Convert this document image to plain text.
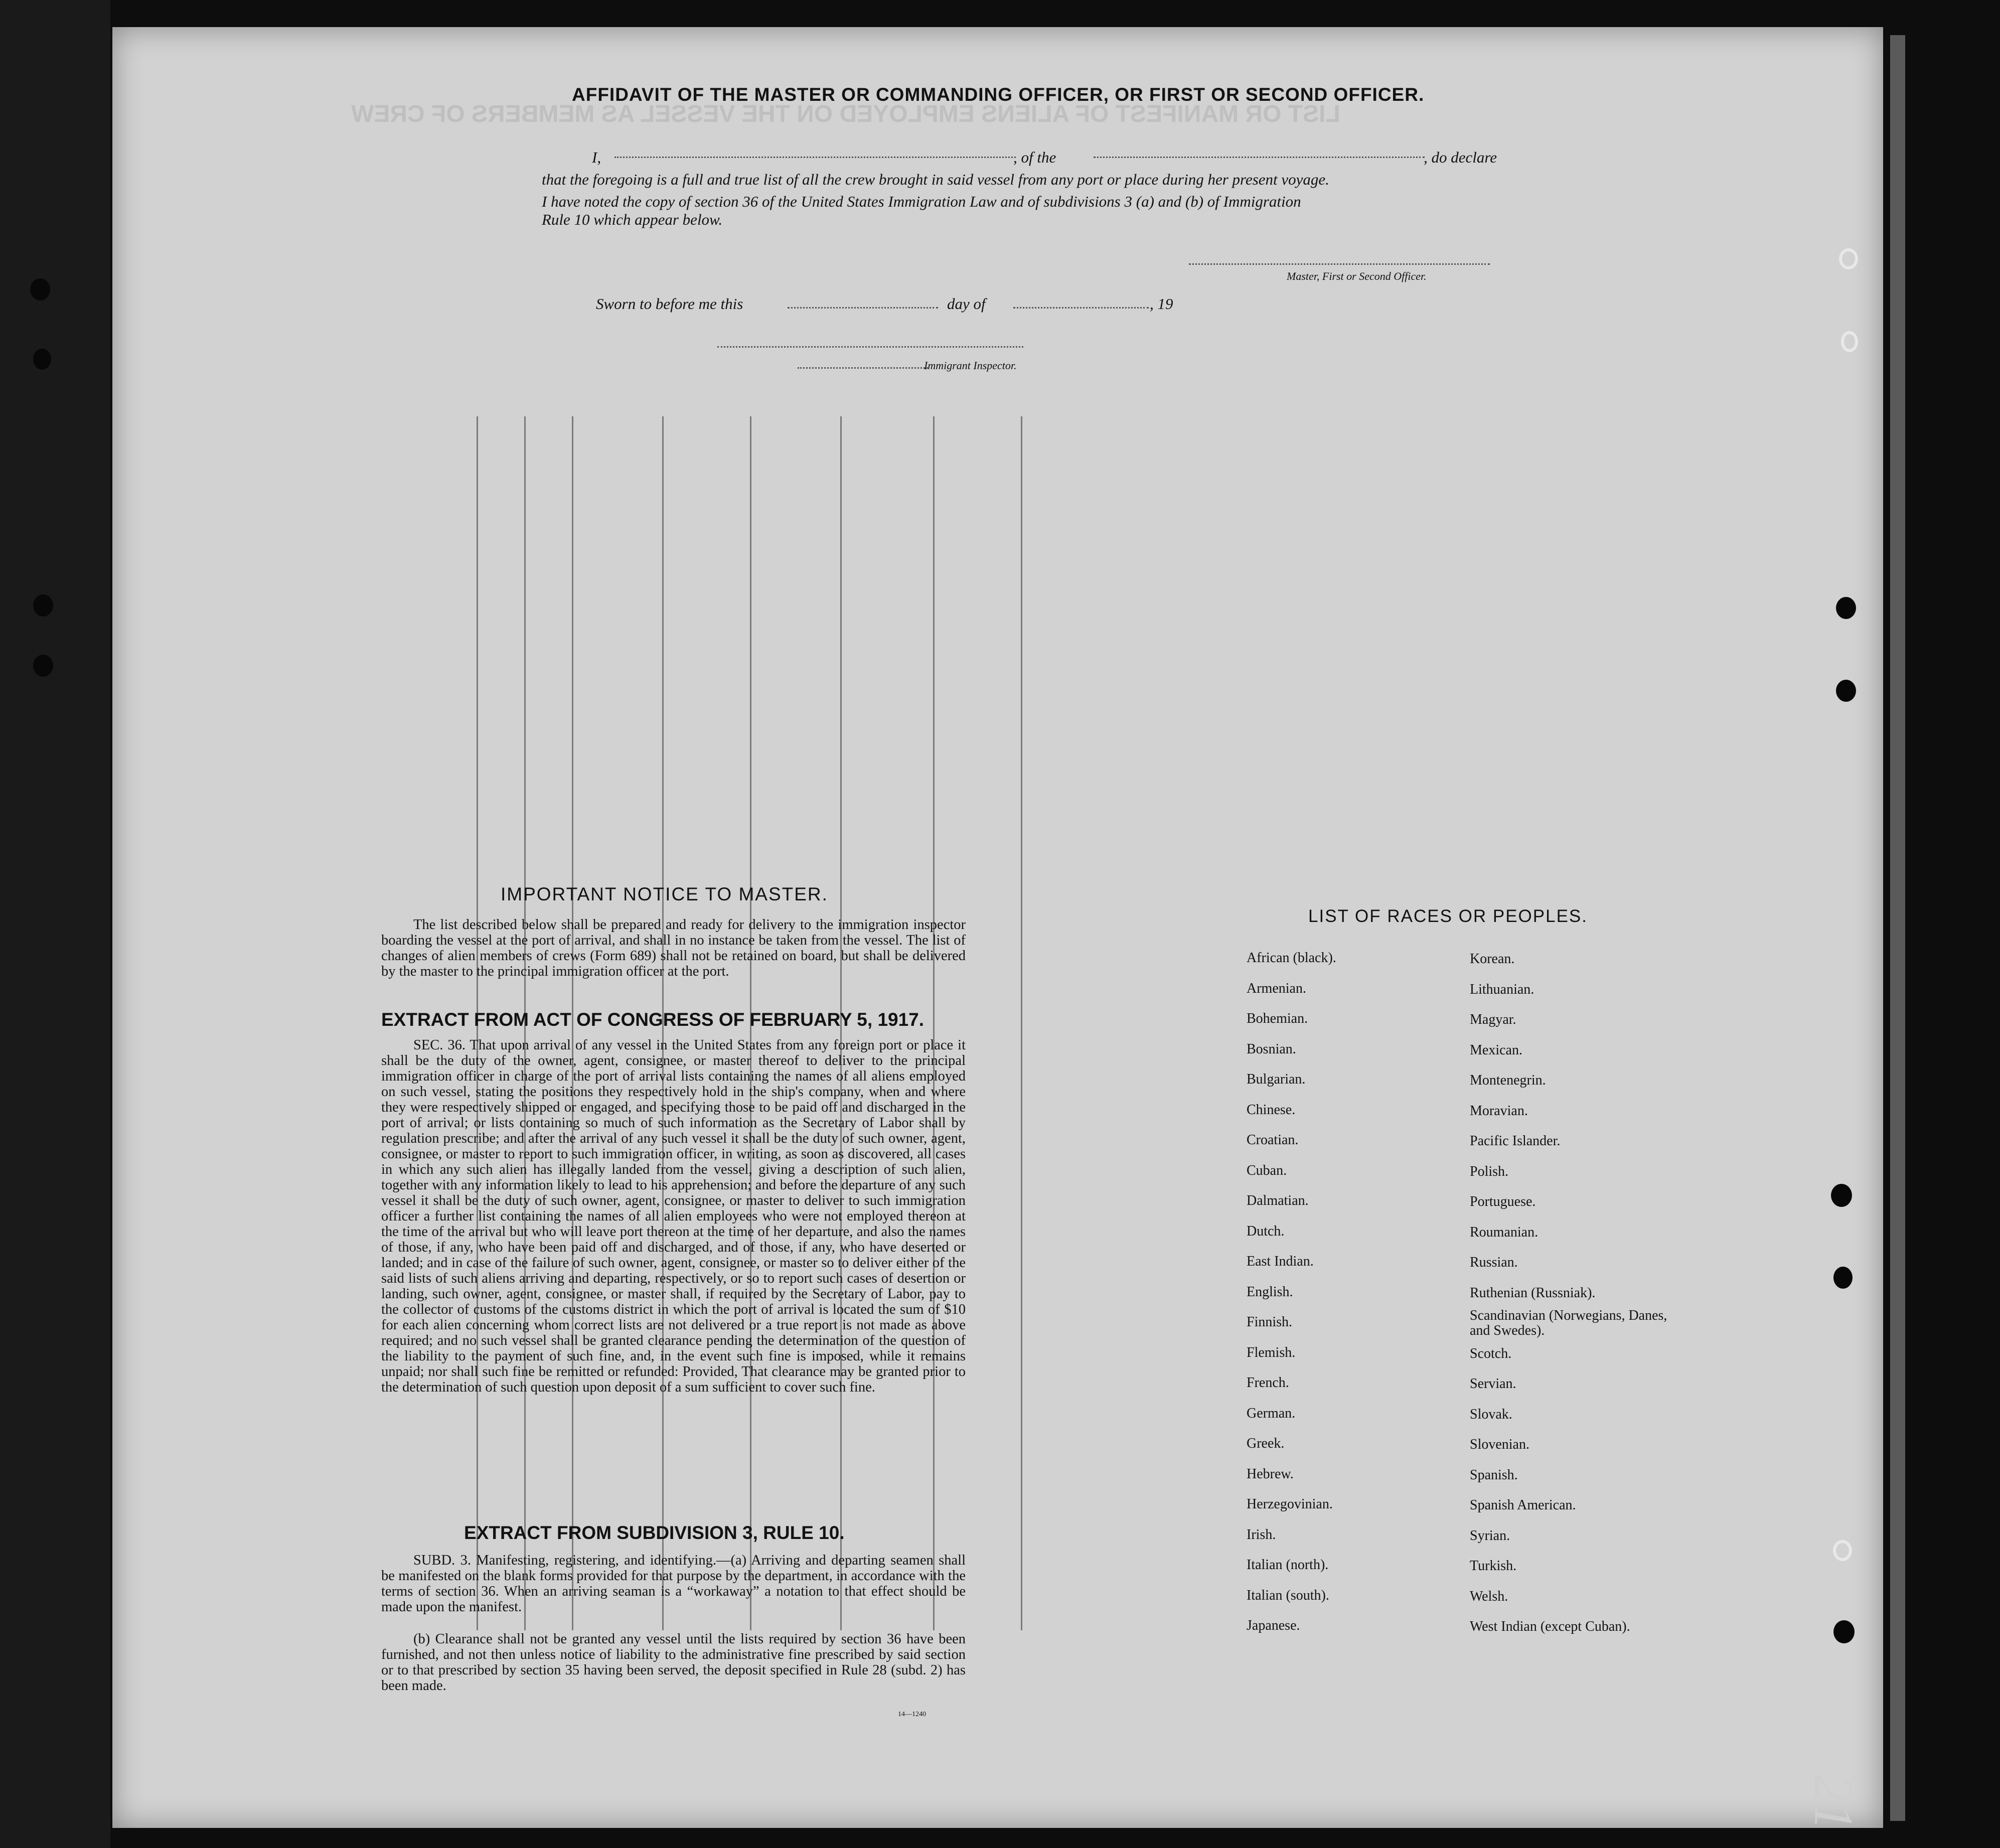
LIST OR MANIFEST OF ALIENS EMPLOYED ON THE VESSEL AS MEMBERS OF CREW
AFFIDAVIT OF THE MASTER OR COMMANDING OFFICER, OR FIRST OR SECOND OFFICER.
I,	, of the	, do declare
that the foregoing is a full and true list of all the crew brought in said vessel from any port or place during her present voyage.
I have noted the copy of section 36 of the United States Immigration Law and of subdivisions 3 (a) and (b) of Immigration
Rule 10 which appear below.
Master, First or Second Officer.
Sworn to before me this	day of	, 19
Immigrant Inspector.
IMPORTANT NOTICE TO MASTER.
The list described below shall be prepared and ready for delivery to the immigration inspector boarding the vessel at the port of arrival, and shall in no instance be taken from the vessel. The list of changes of alien members of crews (Form 689) shall not be retained on board, but shall be delivered by the master to the principal immigration officer at the port.
EXTRACT FROM ACT OF CONGRESS OF FEBRUARY 5, 1917.
SEC. 36. That upon arrival of any vessel in the United States from any foreign port or place it shall be the duty of the owner, agent, consignee, or master thereof to deliver to the principal immigration officer in charge of the port of arrival lists containing the names of all aliens employed on such vessel, stating the positions they respectively hold in the ship's company, when and where they were respectively shipped or engaged, and specifying those to be paid off and discharged in the port of arrival; or lists containing so much of such information as the Secretary of Labor shall by regulation prescribe; and after the arrival of any such vessel it shall be the duty of such owner, agent, consignee, or master to report to such immigration officer, in writing, as soon as discovered, all cases in which any such alien has illegally landed from the vessel, giving a description of such alien, together with any information likely to lead to his apprehension; and before the departure of any such vessel it shall be the duty of such owner, agent, consignee, or master to deliver to such immigration officer a further list containing the names of all alien employees who were not employed thereon at the time of the arrival but who will leave port thereon at the time of her departure, and also the names of those, if any, who have been paid off and discharged, and of those, if any, who have deserted or landed; and in case of the failure of such owner, agent, consignee, or master so to deliver either of the said lists of such aliens arriving and departing, respectively, or so to report such cases of desertion or landing, such owner, agent, consignee, or master shall, if required by the Secretary of Labor, pay to the collector of customs of the customs district in which the port of arrival is located the sum of $10 for each alien concerning whom correct lists are not delivered or a true report is not made as above required; and no such vessel shall be granted clearance pending the determination of the question of the liability to the payment of such fine, and, in the event such fine is imposed, while it remains unpaid; nor shall such fine be remitted or refunded: Provided, That clearance may be granted prior to the determination of such question upon deposit of a sum sufficient to cover such fine.
EXTRACT FROM SUBDIVISION 3, RULE 10.
SUBD. 3. Manifesting, registering, and identifying.—(a) Arriving and departing seamen shall be manifested on the blank forms provided for that purpose by the department, in accordance with the terms of section 36. When an arriving seaman is a “workaway” a notation to that effect should be made upon the manifest.
(b) Clearance shall not be granted any vessel until the lists required by section 36 have been furnished, and not then unless notice of liability to the administrative fine prescribed by said section or to that prescribed by section 35 having been served, the deposit specified in Rule 28 (subd. 2) has been made.
14—1240
LIST OF RACES OR PEOPLES.
African (black).
Armenian.
Bohemian.
Bosnian.
Bulgarian.
Chinese.
Croatian.
Cuban.
Dalmatian.
Dutch.
East Indian.
English.
Finnish.
Flemish.
French.
German.
Greek.
Hebrew.
Herzegovinian.
Irish.
Italian (north).
Italian (south).
Japanese.
Korean.
Lithuanian.
Magyar.
Mexican.
Montenegrin.
Moravian.
Pacific Islander.
Polish.
Portuguese.
Roumanian.
Russian.
Ruthenian (Russniak).
Scandinavian (Norwegians, Danes, and Swedes).
Scotch.
Servian.
Slovak.
Slovenian.
Spanish.
Spanish American.
Syrian.
Turkish.
Welsh.
West Indian (except Cuban).
21
